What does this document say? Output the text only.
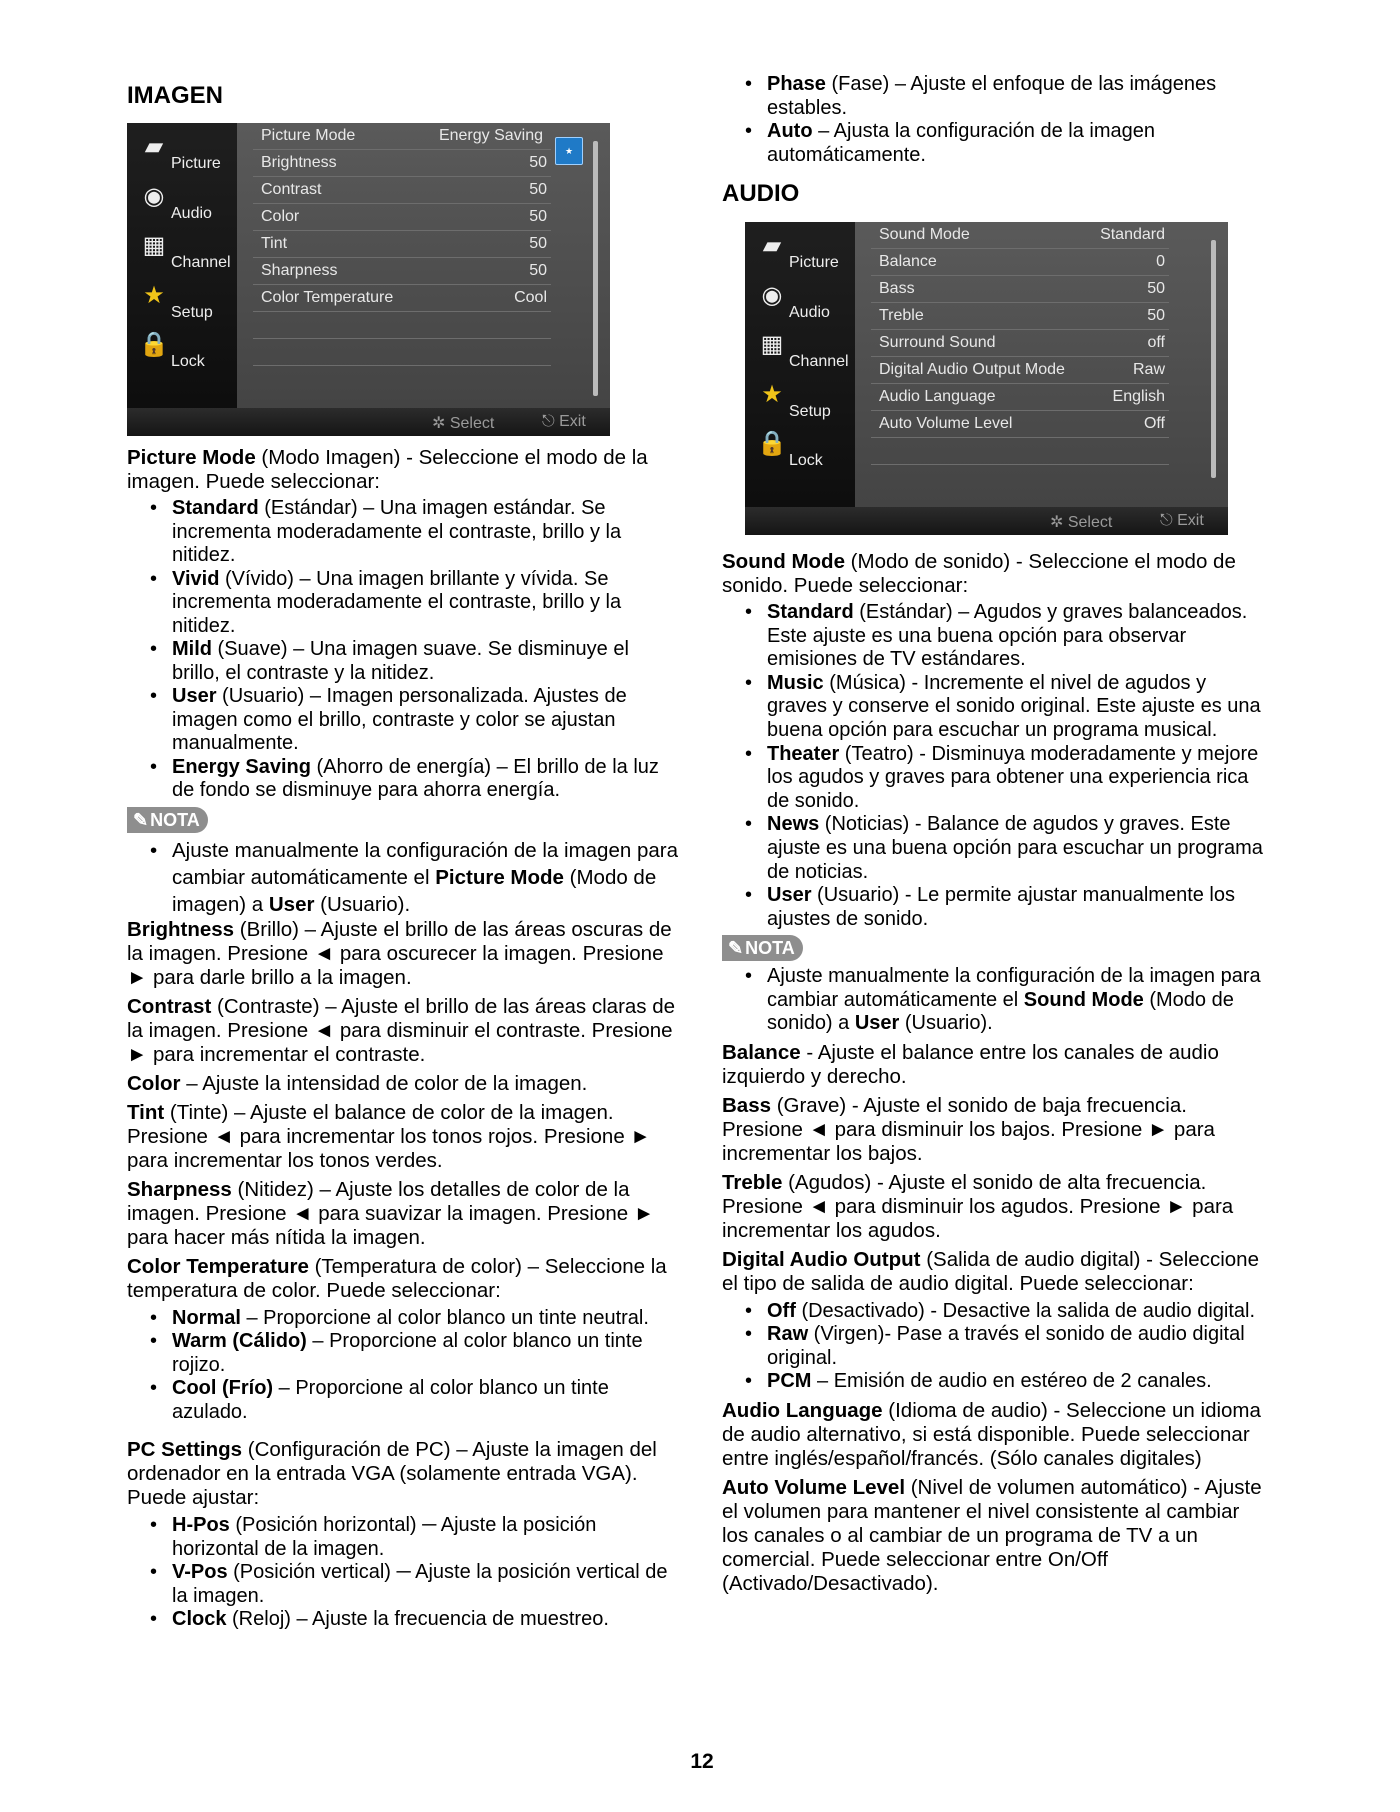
IMAGEN
▰
Picture
◉
Audio
▦
Channel
★
Setup
🔒
Lock
Picture Mode	Energy Saving
Brightness	50
Contrast	50
Color	50
Tint	50
Sharpness	50
Color Temperature	Cool
★
✲ Select	⎋ Exit

Picture Mode (Modo Imagen) - Seleccione el modo de la imagen. Puede seleccionar:

• Standard (Estándar) – Una imagen estándar. Se incrementa moderadamente el contraste, brillo y la nitidez.
• Vivid (Vívido) – Una imagen brillante y vívida. Se incrementa moderadamente el contraste, brillo y la nitidez.
• Mild (Suave) – Una imagen suave. Se disminuye el brillo, el contraste y la nitidez.
• User (Usuario) – Imagen personalizada. Ajustes de imagen como el brillo, contraste y color se ajustan manualmente.
• Energy Saving (Ahorro de energía) – El brillo de la luz de fondo se disminuye para ahorra energía.
✎ NOTA
• Ajuste manualmente la configuración de la imagen para cambiar automáticamente el Picture Mode (Modo de imagen) a User (Usuario).

Brightness (Brillo) – Ajuste el brillo de las áreas oscuras de la imagen. Presione ◄ para oscurecer la imagen. Presione ► para darle brillo a la imagen.

Contrast (Contraste) – Ajuste el brillo de las áreas claras de la imagen. Presione ◄ para disminuir el contraste. Presione ► para incrementar el contraste.

Color – Ajuste la intensidad de color de la imagen.

Tint (Tinte) – Ajuste el balance de color de la imagen. Presione ◄ para incrementar los tonos rojos. Presione ► para incrementar los tonos verdes.

Sharpness (Nitidez) – Ajuste los detalles de color de la imagen. Presione ◄ para suavizar la imagen. Presione ► para hacer más nítida la imagen.

Color Temperature (Temperatura de color) – Seleccione la temperatura de color. Puede seleccionar:

• Normal – Proporcione al color blanco un tinte neutral.
• Warm (Cálido) – Proporcione al color blanco un tinte rojizo.
• Cool (Frío) – Proporcione al color blanco un tinte azulado.

PC Settings (Configuración de PC) – Ajuste la imagen del ordenador en la entrada VGA (solamente entrada VGA). Puede ajustar:

• H-Pos (Posición horizontal) ─ Ajuste la posición horizontal de la imagen.
• V-Pos (Posición vertical) ─ Ajuste la posición vertical de la imagen.
• Clock (Reloj) – Ajuste la frecuencia de muestreo.
• Phase (Fase) – Ajuste el enfoque de las imágenes estables.
• Auto – Ajusta la configuración de la imagen automáticamente.
AUDIO
▰
Picture
◉
Audio
▦
Channel
★
Setup
🔒
Lock
Sound Mode	Standard
Balance	0
Bass	50
Treble	50
Surround Sound	off
Digital Audio Output Mode	Raw
Audio Language	English
Auto Volume Level	Off
✲ Select	⎋ Exit

Sound Mode (Modo de sonido) - Seleccione el modo de sonido. Puede seleccionar:

• Standard (Estándar) – Agudos y graves balanceados. Este ajuste es una buena opción para observar emisiones de TV estándares.
• Music (Música) - Incremente el nivel de agudos y graves y conserve el sonido original. Este ajuste es una buena opción para escuchar un programa musical.
• Theater (Teatro) - Disminuya moderadamente y mejore los agudos y graves para obtener una experiencia rica de sonido.
• News (Noticias) - Balance de agudos y graves. Este ajuste es una buena opción para escuchar un programa de noticias.
• User (Usuario) - Le permite ajustar manualmente los ajustes de sonido.
✎ NOTA
• Ajuste manualmente la configuración de la imagen para cambiar automáticamente el Sound Mode (Modo de sonido) a User (Usuario).

Balance - Ajuste el balance entre los canales de audio izquierdo y derecho.

Bass (Grave) - Ajuste el sonido de baja frecuencia. Presione ◄ para disminuir los bajos. Presione ► para incrementar los bajos.

Treble (Agudos) - Ajuste el sonido de alta frecuencia. Presione ◄ para disminuir los agudos. Presione ► para incrementar los agudos.

Digital Audio Output (Salida de audio digital) - Seleccione el tipo de salida de audio digital. Puede seleccionar:

• Off (Desactivado) - Desactive la salida de audio digital.
• Raw (Virgen)- Pase a través el sonido de audio digital original.
• PCM – Emisión de audio en estéreo de 2 canales.

Audio Language (Idioma de audio) - Seleccione un idioma de audio alternativo, si está disponible. Puede seleccionar entre inglés/español/francés. (Sólo canales digitales)

Auto Volume Level (Nivel de volumen automático) - Ajuste el volumen para mantener el nivel consistente al cambiar los canales o al cambiar de un programa de TV a un comercial. Puede seleccionar entre On/Off (Activado/Desactivado).

12
